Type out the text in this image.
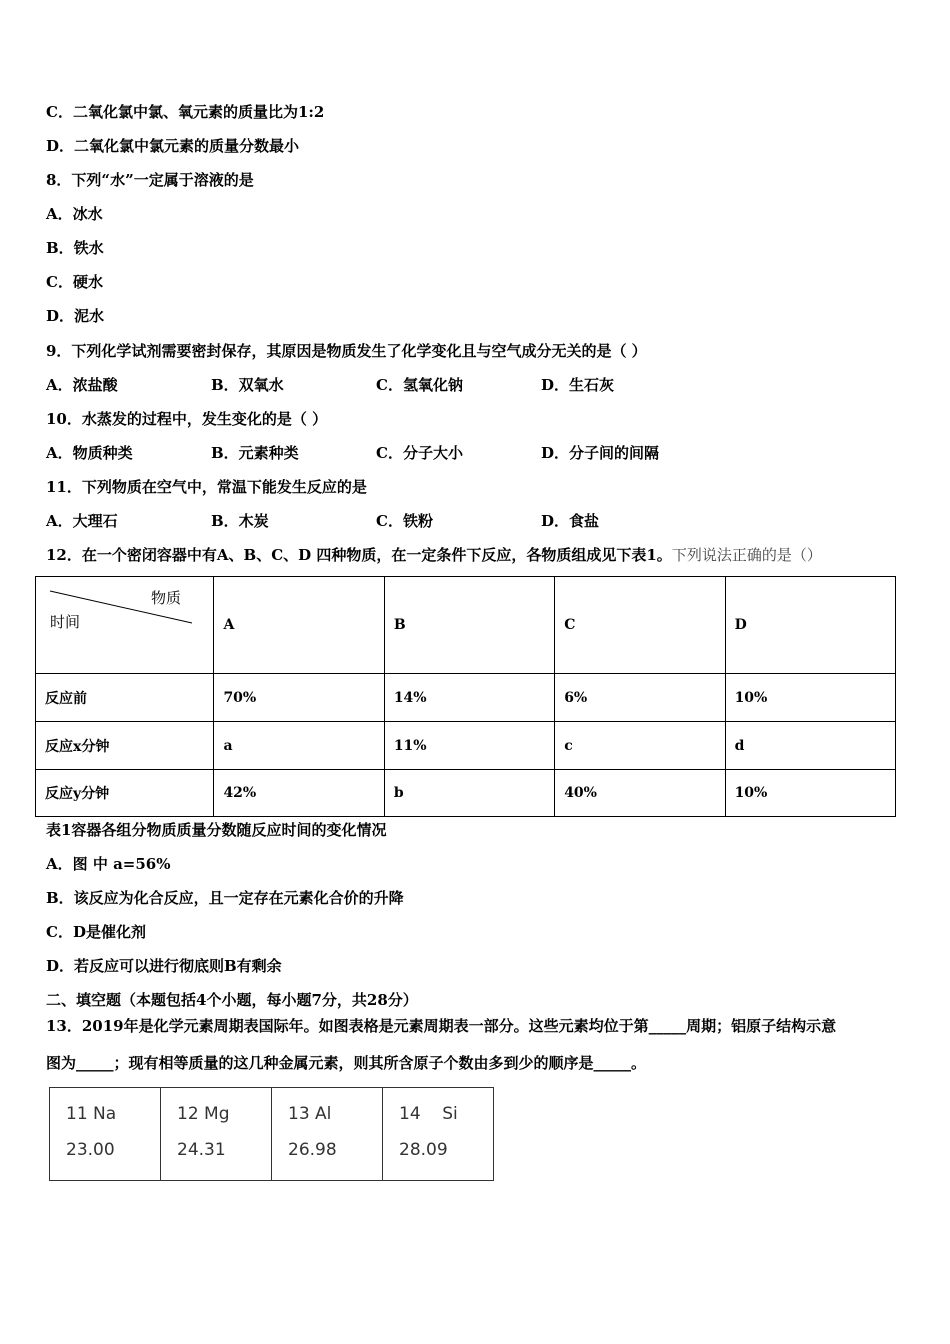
C．二氧化氯中氯、氧元素的质量比为1:2
D．二氧化氯中氯元素的质量分数最小
8．下列“水”一定属于溶液的是
A．冰水
B．铁水
C．硬水
D．泥水
9．下列化学试剂需要密封保存，其原因是物质发生了化学变化且与空气成分无关的是（ ）
A．浓盐酸	B．双氧水	C．氢氧化钠	D．生石灰
10．水蒸发的过程中，发生变化的是（ ）
A．物质种类	B．元素种类	C．分子大小	D．分子间的间隔
11．下列物质在空气中，常温下能发生反应的是
A．大理石	B．木炭	C．铁粉	D．食盐
12．在一个密闭容器中有A、B、C、D 四种物质，在一定条件下反应，各物质组成见下表1。下列说法正确的是（）
物质
时间	A	B	C	D
反应前	70%	14%	6%	10%
反应x分钟	a	11%	c	d
反应y分钟	42%	b	40%	10%
表1容器各组分物质质量分数随反应时间的变化情况
A．图 中 a=56%
B．该反应为化合反应，且一定存在元素化合价的升降
C．D是催化剂
D．若反应可以进行彻底则B有剩余
二、填空题（本题包括4个小题，每小题7分，共28分）
13．2019年是化学元素周期表国际年。如图表格是元素周期表一部分。这些元素均位于第_____周期；铝原子结构示意
图为_____；现有相等质量的这几种金属元素，则其所含原子个数由多到少的顺序是_____。
11 Na
23.00

12 Mg
24.31

13 Al
26.98

14    Si
28.09
